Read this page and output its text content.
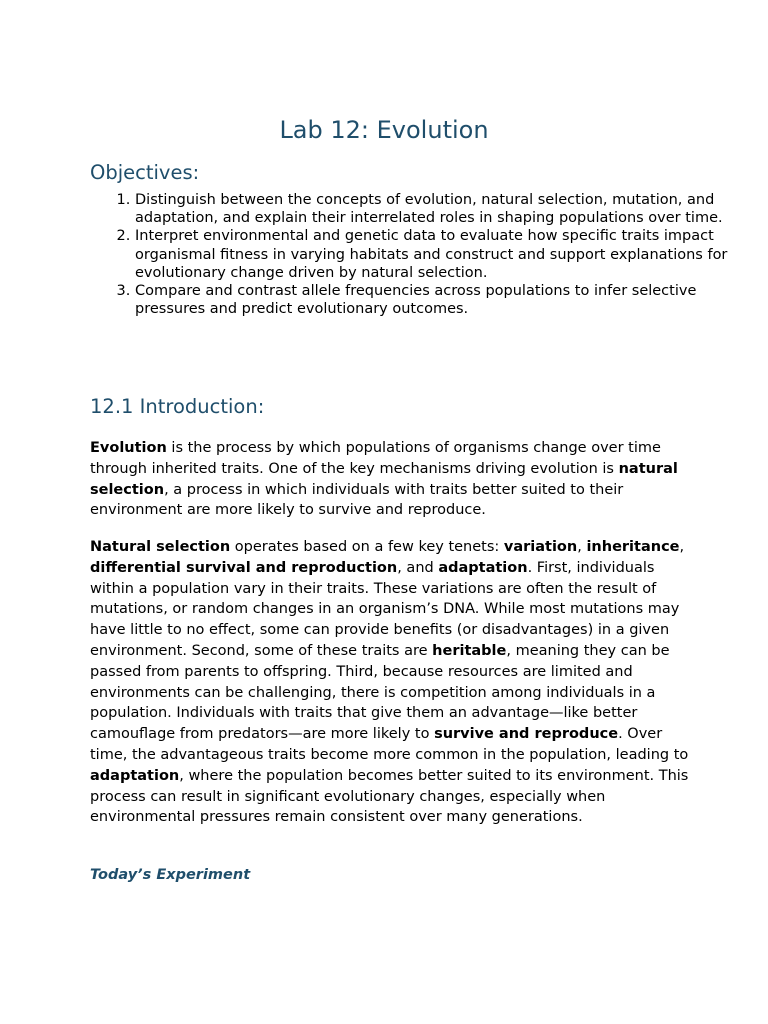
Lab 12: Evolution
Objectives:
1. Distinguish between the concepts of evolution, natural selection, mutation, and adaptation, and explain their interrelated roles in shaping populations over time.
2. Interpret environmental and genetic data to evaluate how specific traits impact organismal fitness in varying habitats and construct and support explanations for evolutionary change driven by natural selection.
3. Compare and contrast allele frequencies across populations to infer selective pressures and predict evolutionary outcomes.
12.1 Introduction:

Evolution is the process by which populations of organisms change over time through inherited traits. One of the key mechanisms driving evolution is natural selection, a process in which individuals with traits better suited to their environment are more likely to survive and reproduce.

Natural selection operates based on a few key tenets: variation, inheritance, differential survival and reproduction, and adaptation. First, individuals within a population vary in their traits. These variations are often the result of mutations, or random changes in an organism’s DNA. While most mutations may have little to no effect, some can provide benefits (or disadvantages) in a given environment. Second, some of these traits are heritable, meaning they can be passed from parents to offspring. Third, because resources are limited and environments can be challenging, there is competition among individuals in a population. Individuals with traits that give them an advantage—like better camouflage from predators—are more likely to survive and reproduce. Over time, the advantageous traits become more common in the population, leading to adaptation, where the population becomes better suited to its environment. This process can result in significant evolutionary changes, especially when environmental pressures remain consistent over many generations.

Today’s Experiment
